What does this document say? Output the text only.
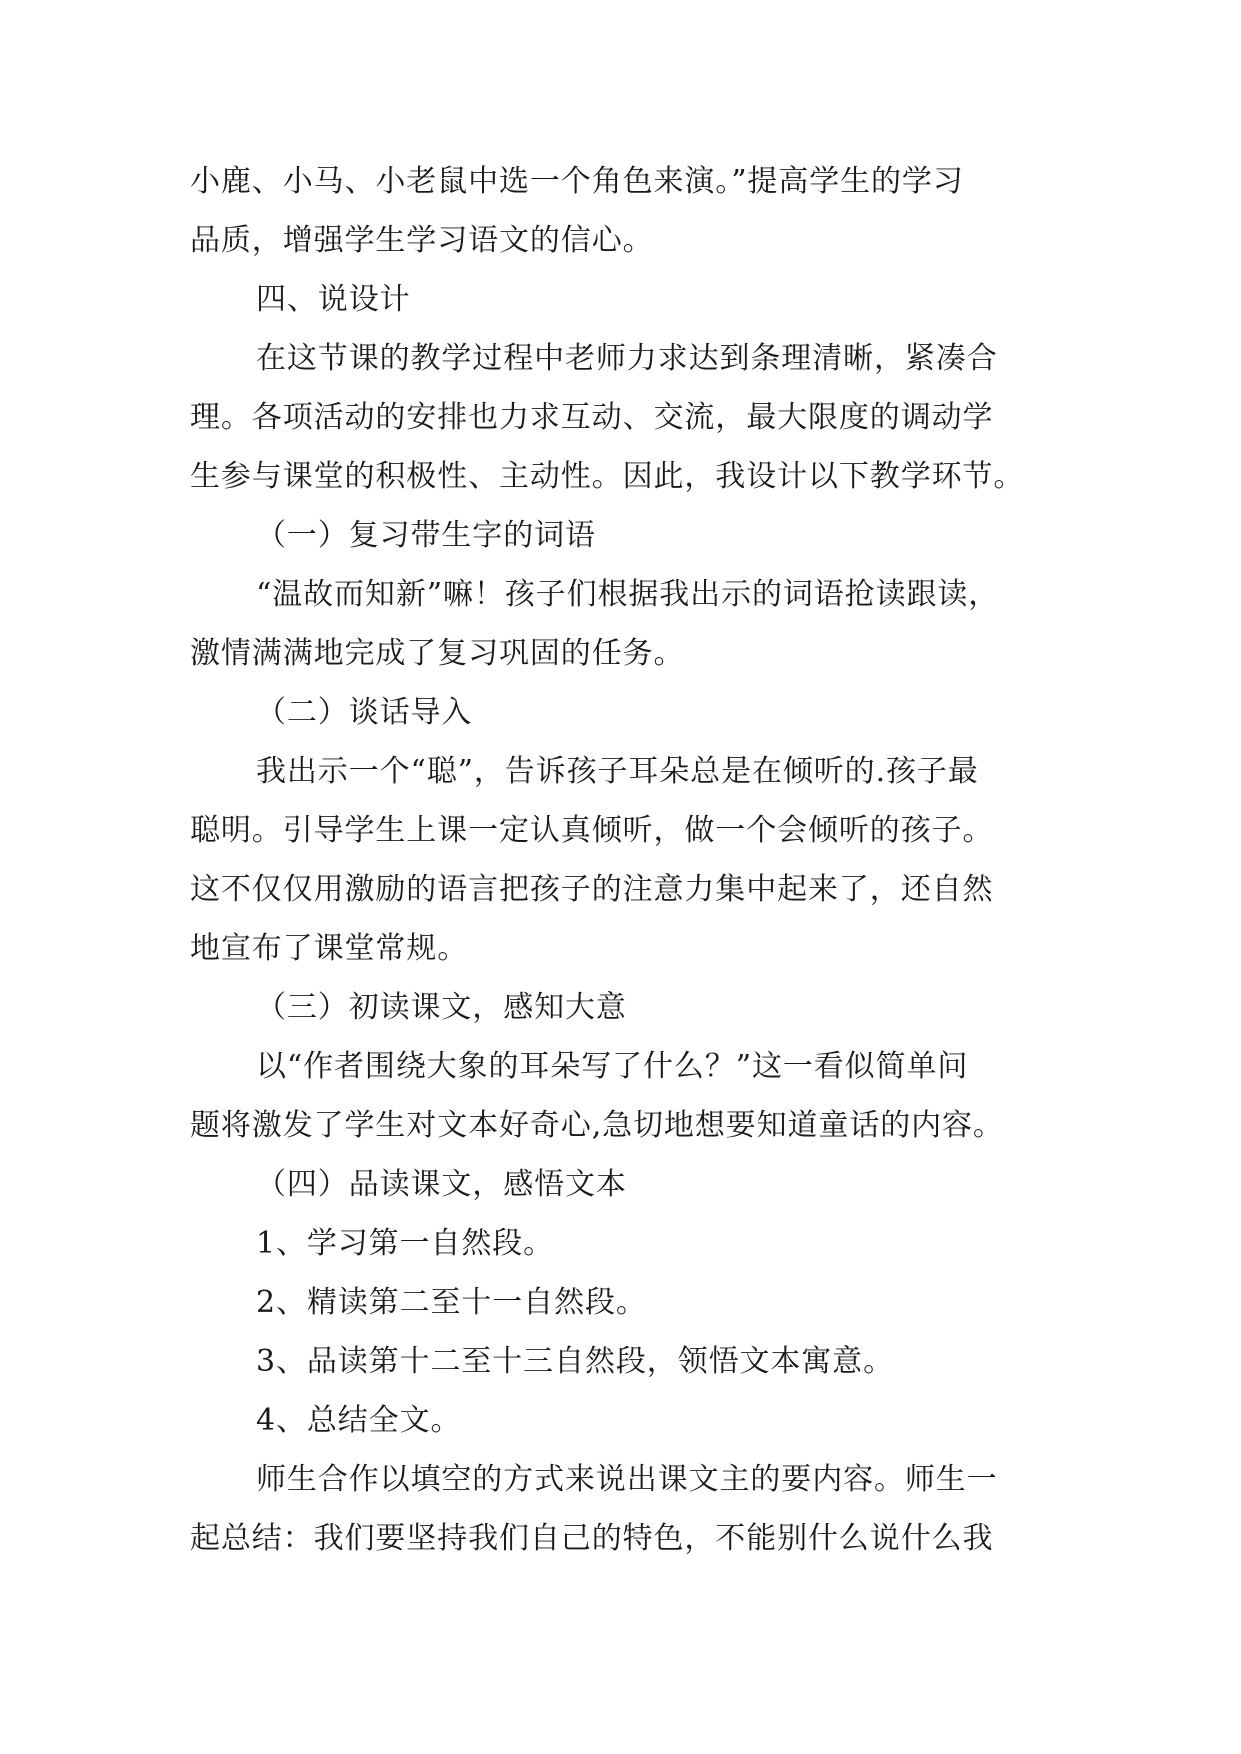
小鹿、小马、小老鼠中选一个角色来演。”提高学生的学习
品质，增强学生学习语文的信心。
四、说设计
在这节课的教学过程中老师力求达到条理清晰，紧凑合
理。各项活动的安排也力求互动、交流，最大限度的调动学
生参与课堂的积极性、主动性。因此，我设计以下教学环节。
（一）复习带生字的词语
“温故而知新”嘛！孩子们根据我出示的词语抢读跟读，
激情满满地完成了复习巩固的任务。
（二）谈话导入
我出示一个“聪”，告诉孩子耳朵总是在倾听的.孩子最
聪明。引导学生上课一定认真倾听，做一个会倾听的孩子。
这不仅仅用激励的语言把孩子的注意力集中起来了，还自然
地宣布了课堂常规。
（三）初读课文，感知大意
以“作者围绕大象的耳朵写了什么？”这一看似简单问
题将激发了学生对文本好奇心,急切地想要知道童话的内容。
（四）品读课文，感悟文本
1、学习第一自然段。
2、精读第二至十一自然段。
3、品读第十二至十三自然段，领悟文本寓意。
4、总结全文。
师生合作以填空的方式来说出课文主的要内容。师生一
起总结：我们要坚持我们自己的特色，不能别什么说什么我
